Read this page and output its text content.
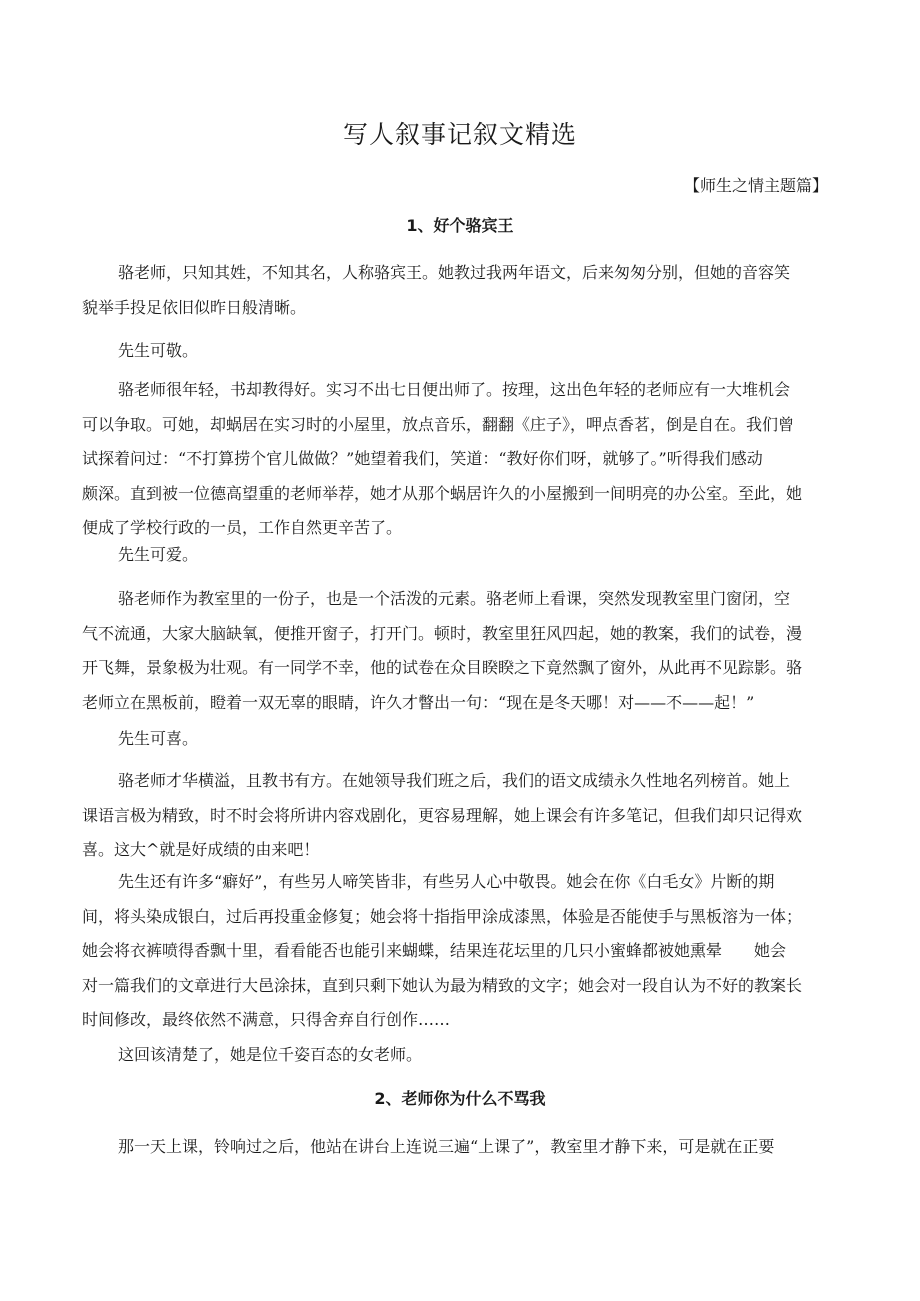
写人叙事记叙文精选
【师生之情主题篇】
1、好个骆宾王
骆老师，只知其姓，不知其名，人称骆宾王。她教过我两年语文，后来匆匆分别，但她的音容笑
貌举手投足依旧似昨日般清晰。
先生可敬。
骆老师很年轻，书却教得好。实习不出七日便出师了。按理，这出色年轻的老师应有一大堆机会
可以争取。可她，却蜗居在实习时的小屋里，放点音乐，翻翻《庄子》，呷点香茗，倒是自在。我们曾
试探着问过：“不打算捞个官儿做做？”她望着我们，笑道：“教好你们呀，就够了。”听得我们感动
颇深。直到被一位德高望重的老师举荐，她才从那个蜗居许久的小屋搬到一间明亮的办公室。至此，她
便成了学校行政的一员，工作自然更辛苦了。
先生可爱。
骆老师作为教室里的一份子，也是一个活泼的元素。骆老师上看课，突然发现教室里门窗闭，空
气不流通，大家大脑缺氧，便推开窗子，打开门。顿时，教室里狂风四起，她的教案，我们的试卷，漫
开飞舞，景象极为壮观。有一同学不幸，他的试卷在众目睽睽之下竟然飘了窗外，从此再不见踪影。骆
老师立在黑板前，瞪着一双无辜的眼睛，许久才瞥出一句：“现在是冬天哪！对——不——起！”
先生可喜。
骆老师才华横溢，且教书有方。在她领导我们班之后，我们的语文成绩永久性地名列榜首。她上
课语言极为精致，时不时会将所讲内容戏剧化，更容易理解，她上课会有许多笔记，但我们却只记得欢
喜。这大^就是好成绩的由来吧！
先生还有许多“癖好”，有些另人啼笑皆非，有些另人心中敬畏。她会在你《白毛女》片断的期
间，将头染成银白，过后再投重金修复；她会将十指指甲涂成漆黑，体验是否能使手与黑板溶为一体；
她会将衣裤喷得香飘十里，看看能否也能引来蝴蝶，结果连花坛里的几只小蜜蜂都被她熏晕　　她会
对一篇我们的文章进行大邑涂抹，直到只剩下她认为最为精致的文字；她会对一段自认为不好的教案长
时间修改，最终依然不满意，只得舍弃自行创作……
这回该清楚了，她是位千姿百态的女老师。
2、老师你为什么不骂我
那一天上课，铃响过之后，他站在讲台上连说三遍“上课了”，教室里才静下来，可是就在正要
